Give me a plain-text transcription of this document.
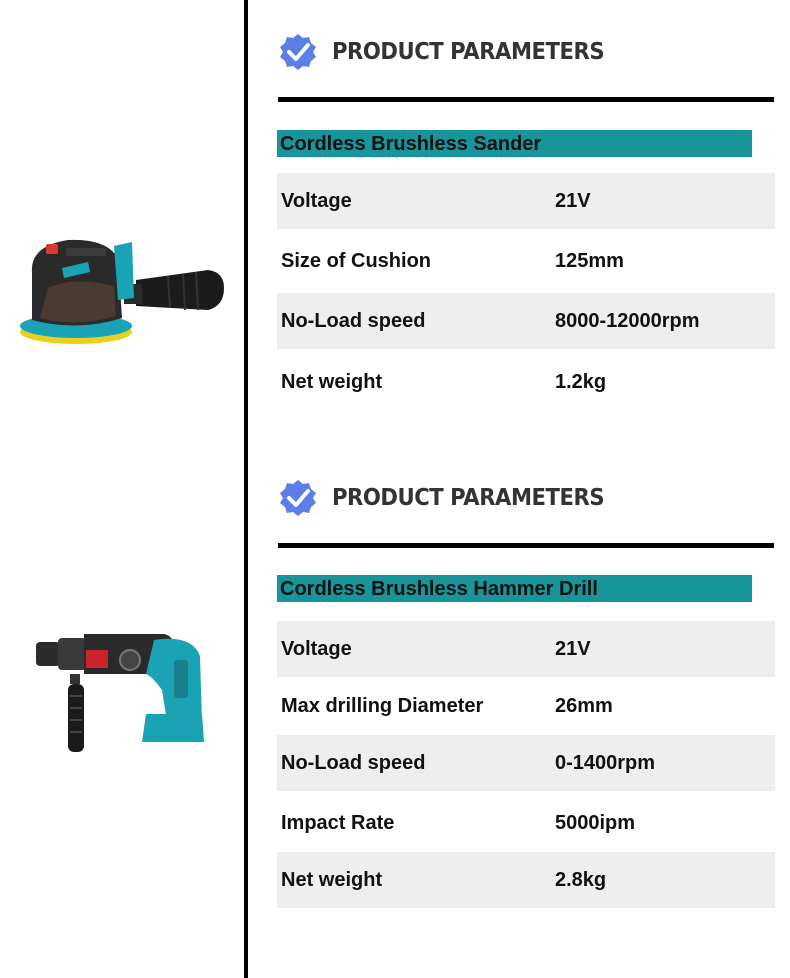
PRODUCT PARAMETERS
Cordless Brushless Sander
Voltage	21V
Size of Cushion	125mm
No-Load speed	8000-12000rpm
Net weight	1.2kg
PRODUCT PARAMETERS
Cordless Brushless Hammer Drill
Voltage	21V
Max drilling Diameter	26mm
No-Load speed	0-1400rpm
Impact Rate	5000ipm
Net weight	2.8kg
